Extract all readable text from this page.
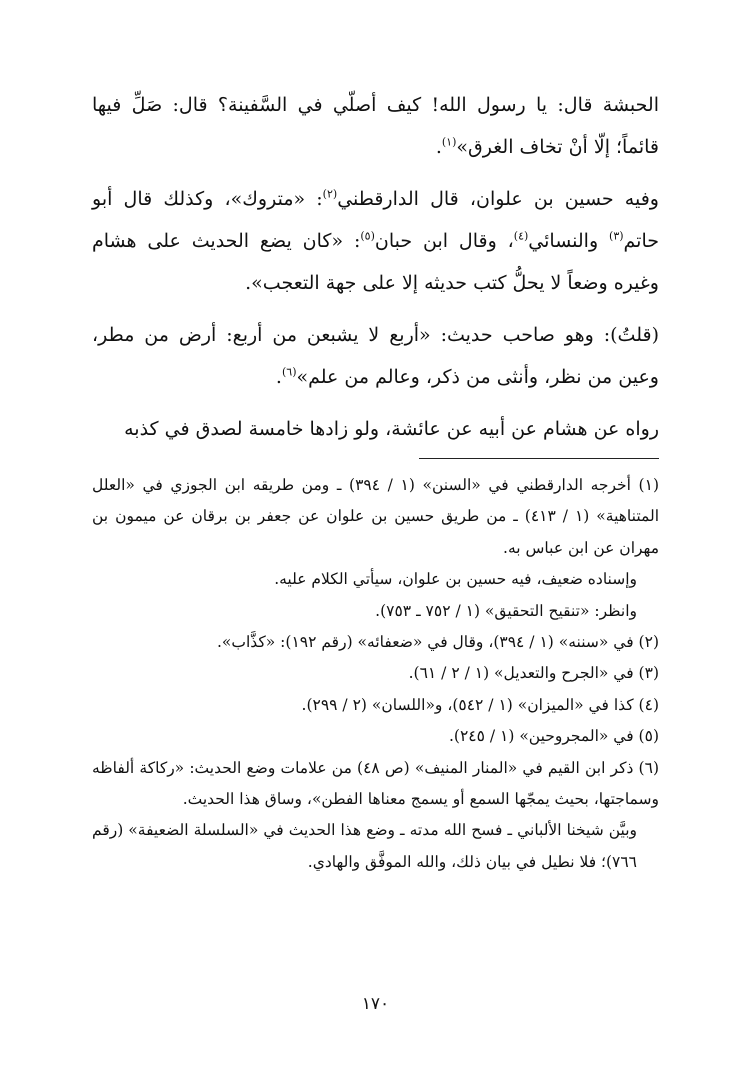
الحبشة قال: يا رسول الله! كيف أصلّي في السَّفينة؟ قال: صَلِّ فيها قائماً؛ إلّا أنْ تخاف الغرق»$^{(١)}$.

وفيه حسين بن علوان، قال الدارقطني$^{(٢)}$: «متروك»، وكذلك قال أبو حاتم$^{(٣)}$ والنسائي$^{(٤)}$، وقال ابن حبان$^{(٥)}$: «كان يضع الحديث على هشام وغيره وضعاً لا يحلُّ كتب حديثه إلا على جهة التعجب».

(قلتُ): وهو صاحب حديث: «أربع لا يشبعن من أربع: أرض من مطر، وعين من نظر، وأنثى من ذكر، وعالم من علم»$^{(٦)}$.

رواه عن هشام عن أبيه عن عائشة، ولو زادها خامسة لصدق في كذبه

(١) أخرجه الدارقطني في «السنن» (١ / ٣٩٤) ـ ومن طريقه ابن الجوزي في «العلل المتناهية» (١ / ٤١٣) ـ من طريق حسين بن علوان عن جعفر بن برقان عن ميمون بن مهران عن ابن عباس به.

وإسناده ضعيف، فيه حسين بن علوان، سيأتي الكلام عليه.

وانظر: «تنقيح التحقيق» (١ / ٧٥٢ ـ ٧٥٣).

(٢) في «سننه» (١ / ٣٩٤)، وقال في «ضعفائه» (رقم ١٩٢): «كذَّاب».

(٣) في «الجرح والتعديل» (١ / ٢ / ٦١).

(٤) كذا في «الميزان» (١ / ٥٤٢)، و«اللسان» (٢ / ٢٩٩).

(٥) في «المجروحين» (١ / ٢٤٥).

(٦) ذكر ابن القيم في «المنار المنيف» (ص ٤٨) من علامات وضع الحديث: «ركاكة ألفاظه وسماجتها، بحيث يمجّها السمع أو يسمج معناها الفطن»، وساق هذا الحديث.

وبيَّن شيخنا الألباني ـ فسح الله مدته ـ وضع هذا الحديث في «السلسلة الضعيفة» (رقم ٧٦٦)؛ فلا نطيل في بيان ذلك، والله الموفَّق والهادي.

١٧٠
